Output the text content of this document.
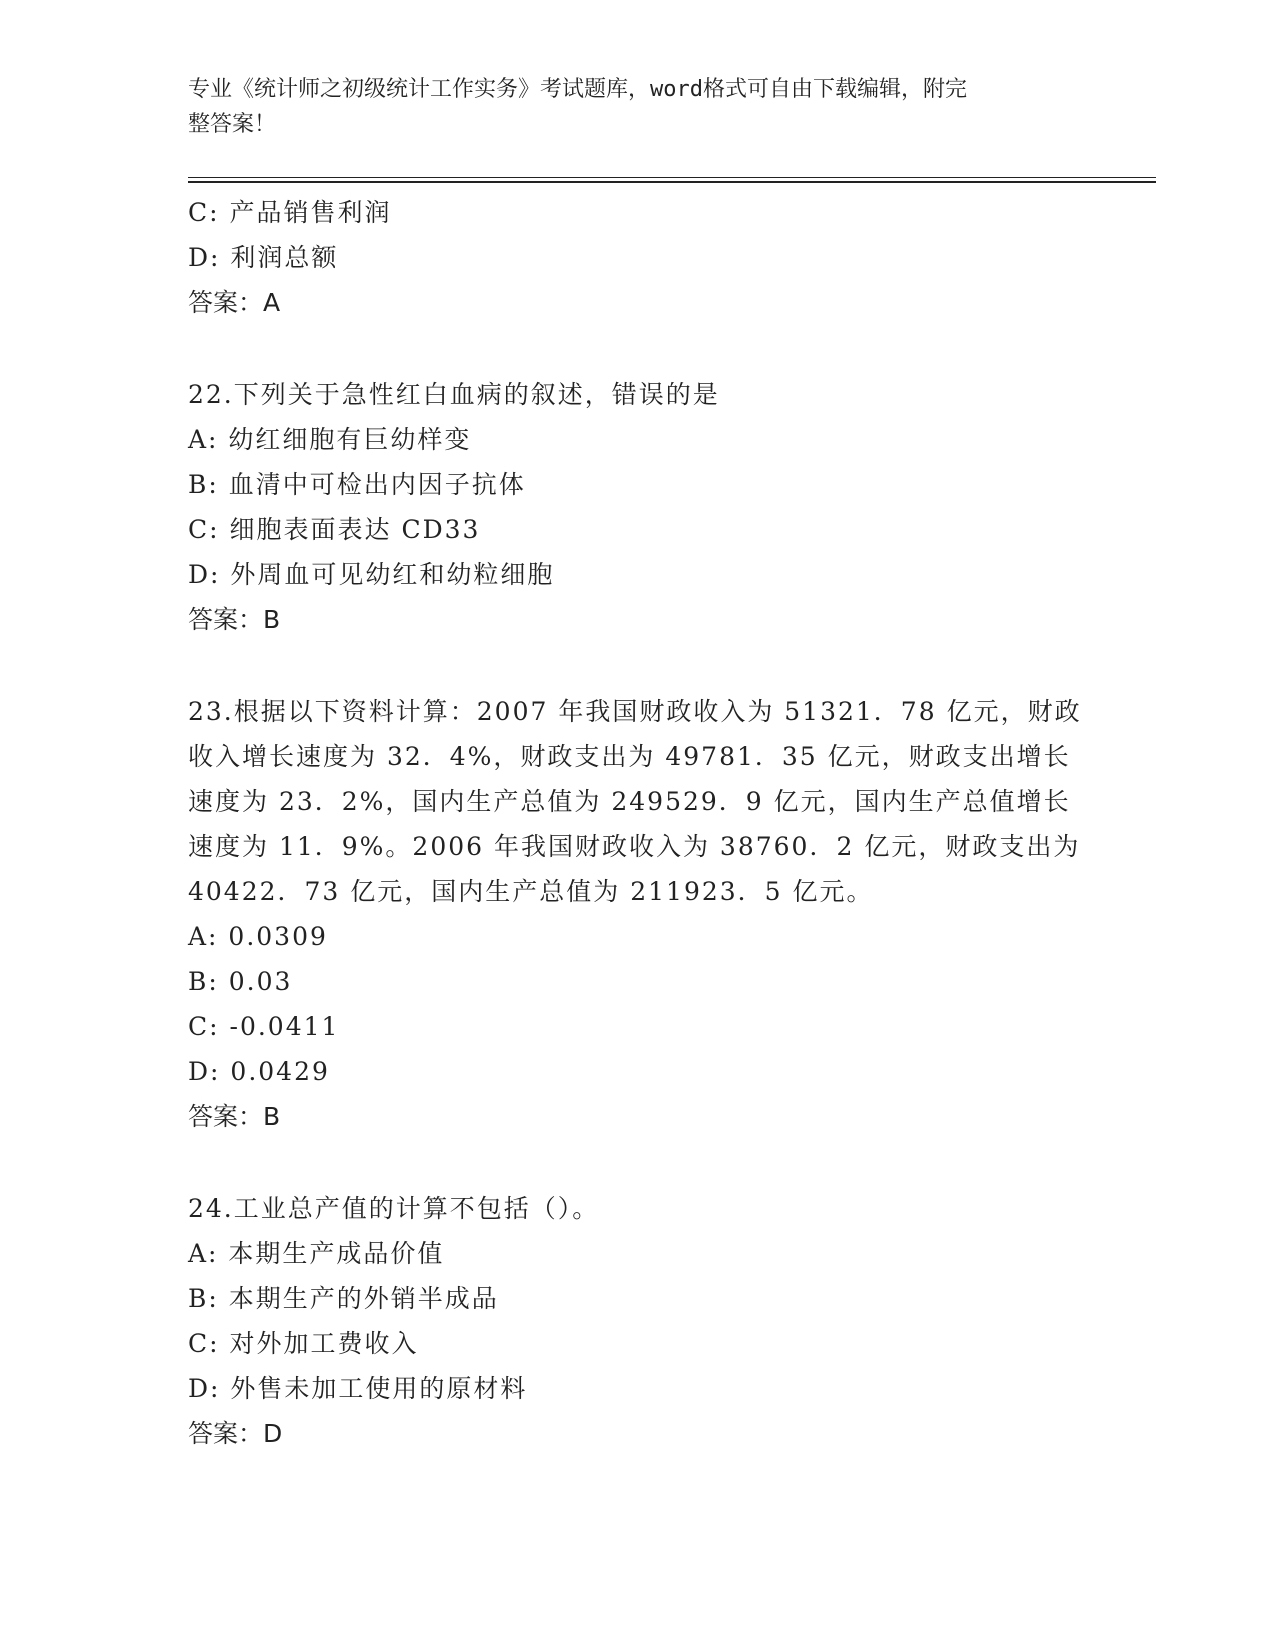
专业《统计师之初级统计工作实务》考试题库，word格式可自由下载编辑，附完
整答案！
C: 产品销售利润
D: 利润总额
答案：A
22.下列关于急性红白血病的叙述，错误的是
A: 幼红细胞有巨幼样变
B: 血清中可检出内因子抗体
C: 细胞表面表达 CD33
D: 外周血可见幼红和幼粒细胞
答案：B
23.根据以下资料计算：2007 年我国财政收入为 51321．78 亿元，财政
收入增长速度为 32．4%，财政支出为 49781．35 亿元，财政支出增长
速度为 23．2%，国内生产总值为 249529．9 亿元，国内生产总值增长
速度为 11．9%。2006 年我国财政收入为 38760．2 亿元，财政支出为
40422．73 亿元，国内生产总值为 211923．5 亿元。
A: 0.0309
B: 0.03
C: -0.0411
D: 0.0429
答案：B
24.工业总产值的计算不包括（）。
A: 本期生产成品价值
B: 本期生产的外销半成品
C: 对外加工费收入
D: 外售未加工使用的原材料
答案：D
